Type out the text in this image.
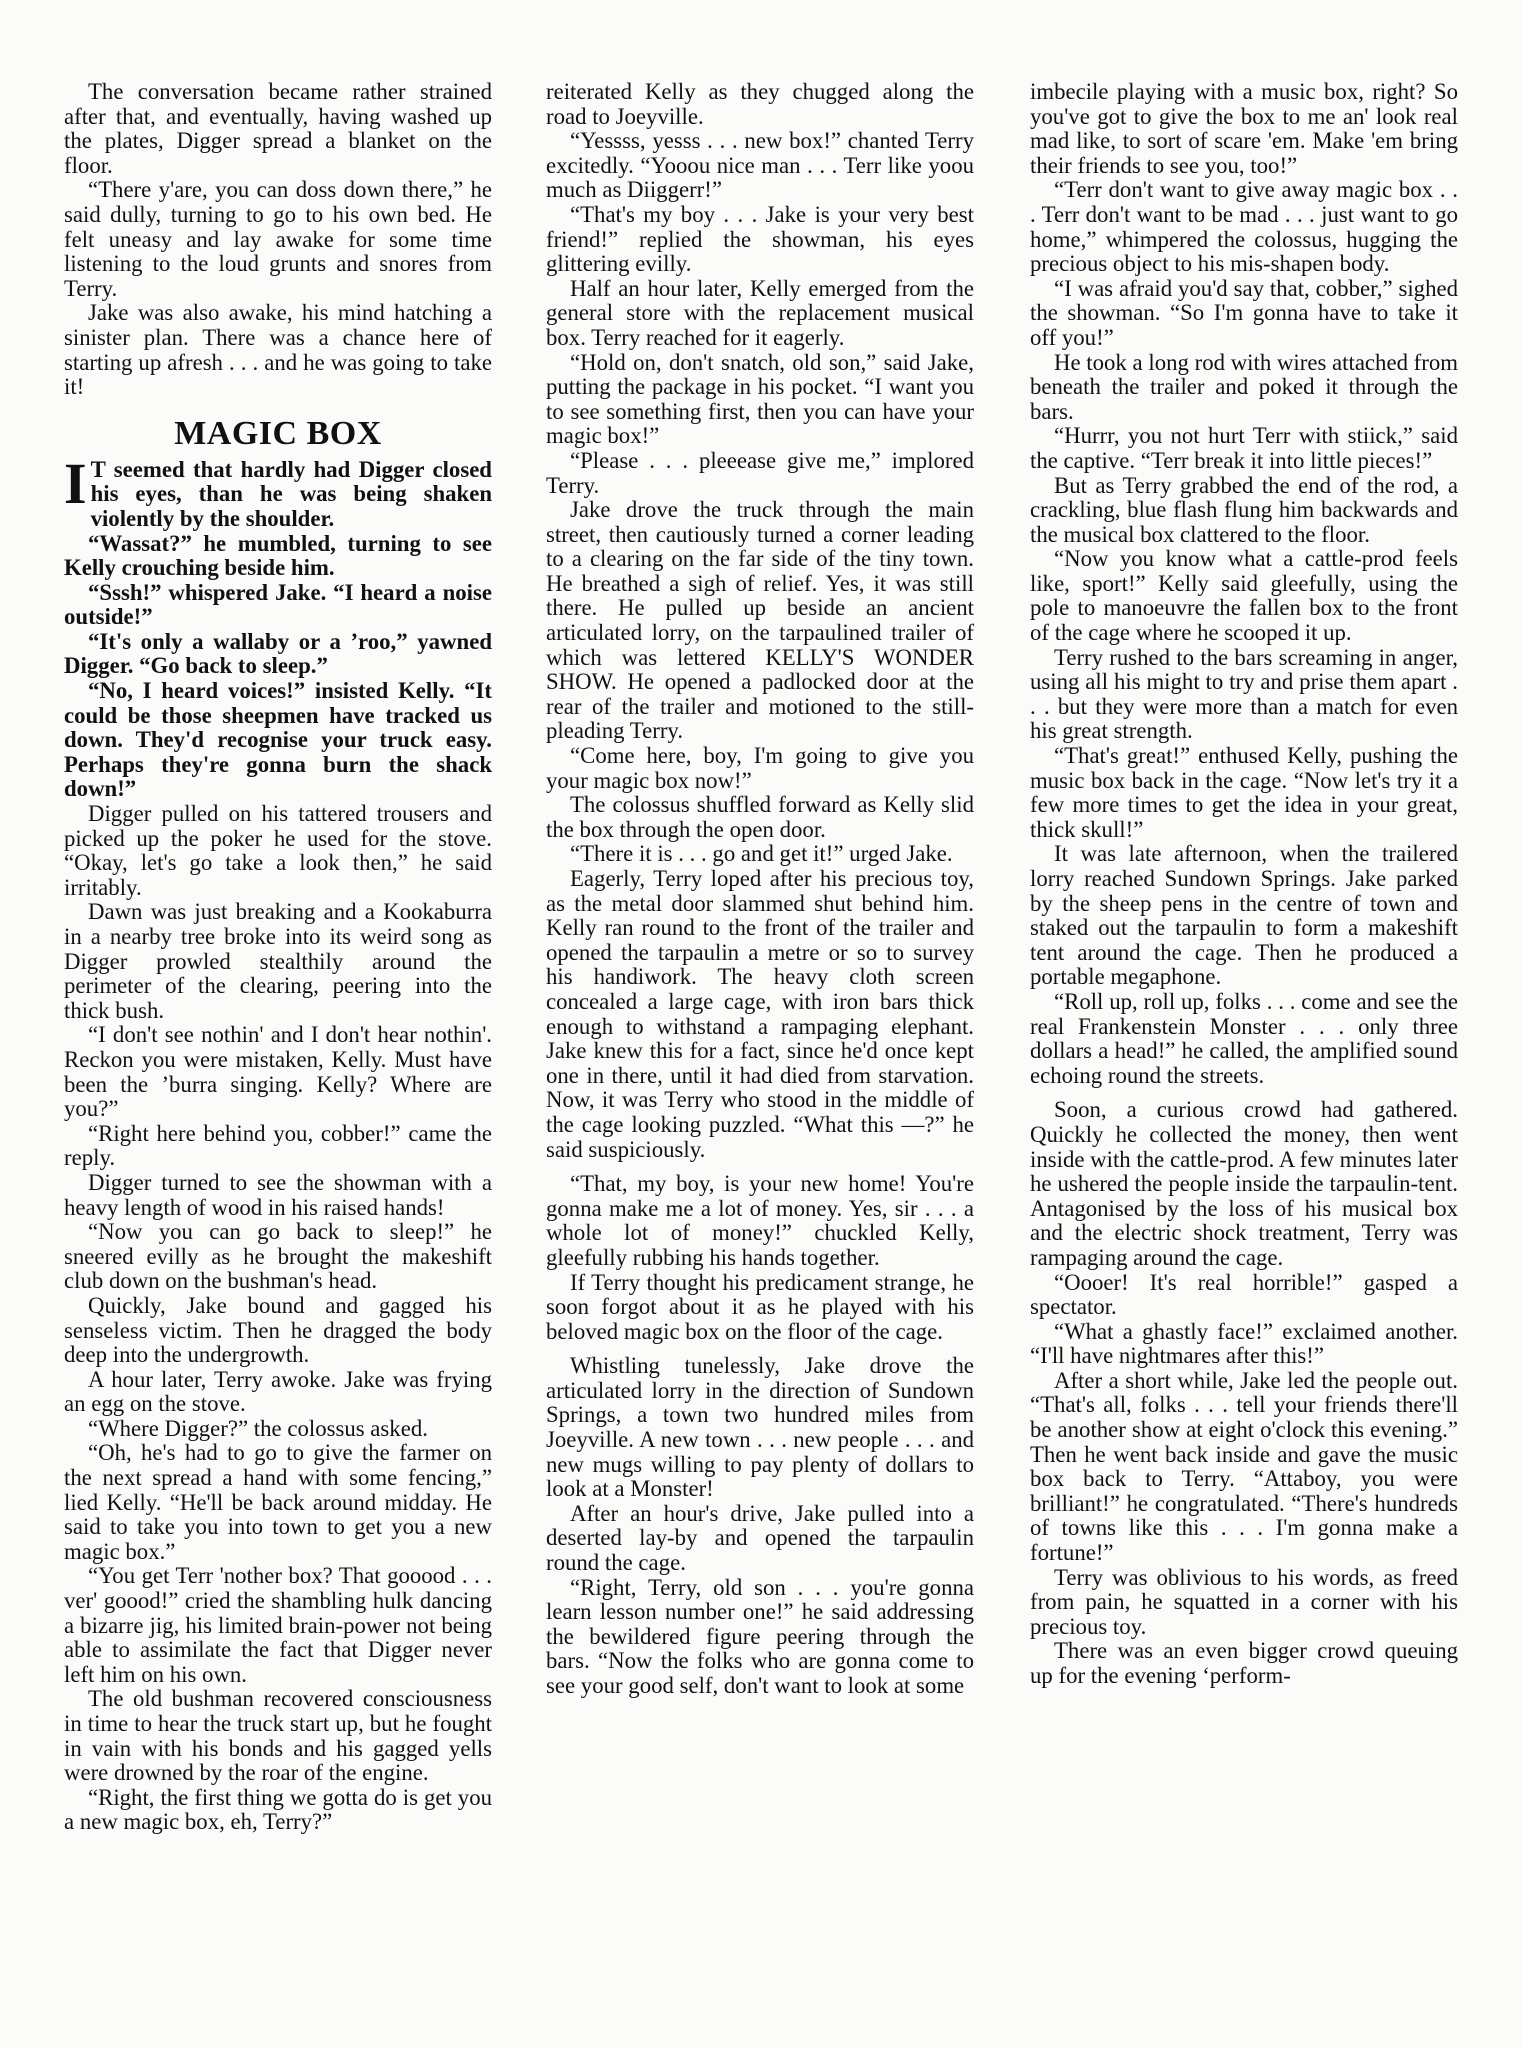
The conversation became rather strained after that, and eventually, having washed up the plates, Digger spread a blanket on the floor.

“There y'are, you can doss down there,” he said dully, turning to go to his own bed. He felt uneasy and lay awake for some time listening to the loud grunts and snores from Terry.

Jake was also awake, his mind hatching a sinister plan. There was a chance here of starting up afresh . . . and he was going to take it!

MAGIC BOX

I T seemed that hardly had Digger closed his eyes, than he was being shaken violently by the shoulder.

“Wassat?” he mumbled, turning to see Kelly crouching beside him.

“Sssh!” whispered Jake. “I heard a noise outside!”

“It's only a wallaby or a ’roo,” yawned Digger. “Go back to sleep.”

“No, I heard voices!” insisted Kelly. “It could be those sheepmen have tracked us down. They'd recognise your truck easy. Perhaps they're gonna burn the shack down!”

Digger pulled on his tattered trousers and picked up the poker he used for the stove. “Okay, let's go take a look then,” he said irritably.

Dawn was just breaking and a Kookaburra in a nearby tree broke into its weird song as Digger prowled stealthily around the perimeter of the clearing, peering into the thick bush.

“I don't see nothin' and I don't hear nothin'. Reckon you were mistaken, Kelly. Must have been the ’burra singing. Kelly? Where are you?”

“Right here behind you, cobber!” came the reply.

Digger turned to see the showman with a heavy length of wood in his raised hands!

“Now you can go back to sleep!” he sneered evilly as he brought the makeshift club down on the bushman's head.

Quickly, Jake bound and gagged his senseless victim. Then he dragged the body deep into the undergrowth.

A hour later, Terry awoke. Jake was frying an egg on the stove.

“Where Digger?” the colossus asked.

“Oh, he's had to go to give the farmer on the next spread a hand with some fencing,” lied Kelly. “He'll be back around midday. He said to take you into town to get you a new magic box.”

“You get Terr 'nother box? That gooood . . . ver' goood!” cried the shambling hulk dancing a bizarre jig, his limited brain-power not being able to assimilate the fact that Digger never left him on his own.

The old bushman recovered consciousness in time to hear the truck start up, but he fought in vain with his bonds and his gagged yells were drowned by the roar of the engine.

“Right, the first thing we gotta do is get you a new magic box, eh, Terry?”

reiterated Kelly as they chugged along the road to Joeyville.

“Yessss, yesss . . . new box!” chanted Terry excitedly. “Yooou nice man . . . Terr like yoou much as Diiggerr!”

“That's my boy . . . Jake is your very best friend!” replied the showman, his eyes glittering evilly.

Half an hour later, Kelly emerged from the general store with the replacement musical box. Terry reached for it eagerly.

“Hold on, don't snatch, old son,” said Jake, putting the package in his pocket. “I want you to see something first, then you can have your magic box!”

“Please . . . pleeease give me,” implored Terry.

Jake drove the truck through the main street, then cautiously turned a corner leading to a clearing on the far side of the tiny town. He breathed a sigh of relief. Yes, it was still there. He pulled up beside an ancient articulated lorry, on the tarpaulined trailer of which was lettered KELLY'S WONDER SHOW. He opened a padlocked door at the rear of the trailer and motioned to the still-pleading Terry.

“Come here, boy, I'm going to give you your magic box now!”

The colossus shuffled forward as Kelly slid the box through the open door.

“There it is . . . go and get it!” urged Jake.

Eagerly, Terry loped after his precious toy, as the metal door slammed shut behind him. Kelly ran round to the front of the trailer and opened the tarpaulin a metre or so to survey his handiwork. The heavy cloth screen concealed a large cage, with iron bars thick enough to withstand a rampaging elephant. Jake knew this for a fact, since he'd once kept one in there, until it had died from starvation. Now, it was Terry who stood in the middle of the cage looking puzzled. “What this —?” he said suspiciously.

“That, my boy, is your new home! You're gonna make me a lot of money. Yes, sir . . . a whole lot of money!” chuckled Kelly, gleefully rubbing his hands together.

If Terry thought his predicament strange, he soon forgot about it as he played with his beloved magic box on the floor of the cage.

Whistling tunelessly, Jake drove the articulated lorry in the direction of Sundown Springs, a town two hundred miles from Joeyville. A new town . . . new people . . . and new mugs willing to pay plenty of dollars to look at a Monster!

After an hour's drive, Jake pulled into a deserted lay-by and opened the tarpaulin round the cage.

“Right, Terry, old son . . . you're gonna learn lesson number one!” he said addressing the bewildered figure peering through the bars. “Now the folks who are gonna come to see your good self, don't want to look at some

imbecile playing with a music box, right? So you've got to give the box to me an' look real mad like, to sort of scare 'em. Make 'em bring their friends to see you, too!”

“Terr don't want to give away magic box . . . Terr don't want to be mad . . . just want to go home,” whimpered the colossus, hugging the precious object to his mis-shapen body.

“I was afraid you'd say that, cobber,” sighed the showman. “So I'm gonna have to take it off you!”

He took a long rod with wires attached from beneath the trailer and poked it through the bars.

“Hurrr, you not hurt Terr with stiick,” said the captive. “Terr break it into little pieces!”

But as Terry grabbed the end of the rod, a crackling, blue flash flung him backwards and the musical box clattered to the floor.

“Now you know what a cattle-prod feels like, sport!” Kelly said gleefully, using the pole to manoeuvre the fallen box to the front of the cage where he scooped it up.

Terry rushed to the bars screaming in anger, using all his might to try and prise them apart . . . but they were more than a match for even his great strength.

“That's great!” enthused Kelly, pushing the music box back in the cage. “Now let's try it a few more times to get the idea in your great, thick skull!”

It was late afternoon, when the trailered lorry reached Sundown Springs. Jake parked by the sheep pens in the centre of town and staked out the tarpaulin to form a makeshift tent around the cage. Then he produced a portable megaphone.

“Roll up, roll up, folks . . . come and see the real Frankenstein Monster . . . only three dollars a head!” he called, the amplified sound echoing round the streets.

Soon, a curious crowd had gathered. Quickly he collected the money, then went inside with the cattle-prod. A few minutes later he ushered the people inside the tarpaulin-tent. Antagonised by the loss of his musical box and the electric shock treatment, Terry was rampaging around the cage.

“Oooer! It's real horrible!” gasped a spectator.

“What a ghastly face!” exclaimed another. “I'll have nightmares after this!”

After a short while, Jake led the people out. “That's all, folks . . . tell your friends there'll be another show at eight o'clock this evening.” Then he went back inside and gave the music box back to Terry. “Attaboy, you were brilliant!” he congratulated. “There's hundreds of towns like this . . . I'm gonna make a fortune!”

Terry was oblivious to his words, as freed from pain, he squatted in a corner with his precious toy.

There was an even bigger crowd queuing up for the evening ‘perform-
